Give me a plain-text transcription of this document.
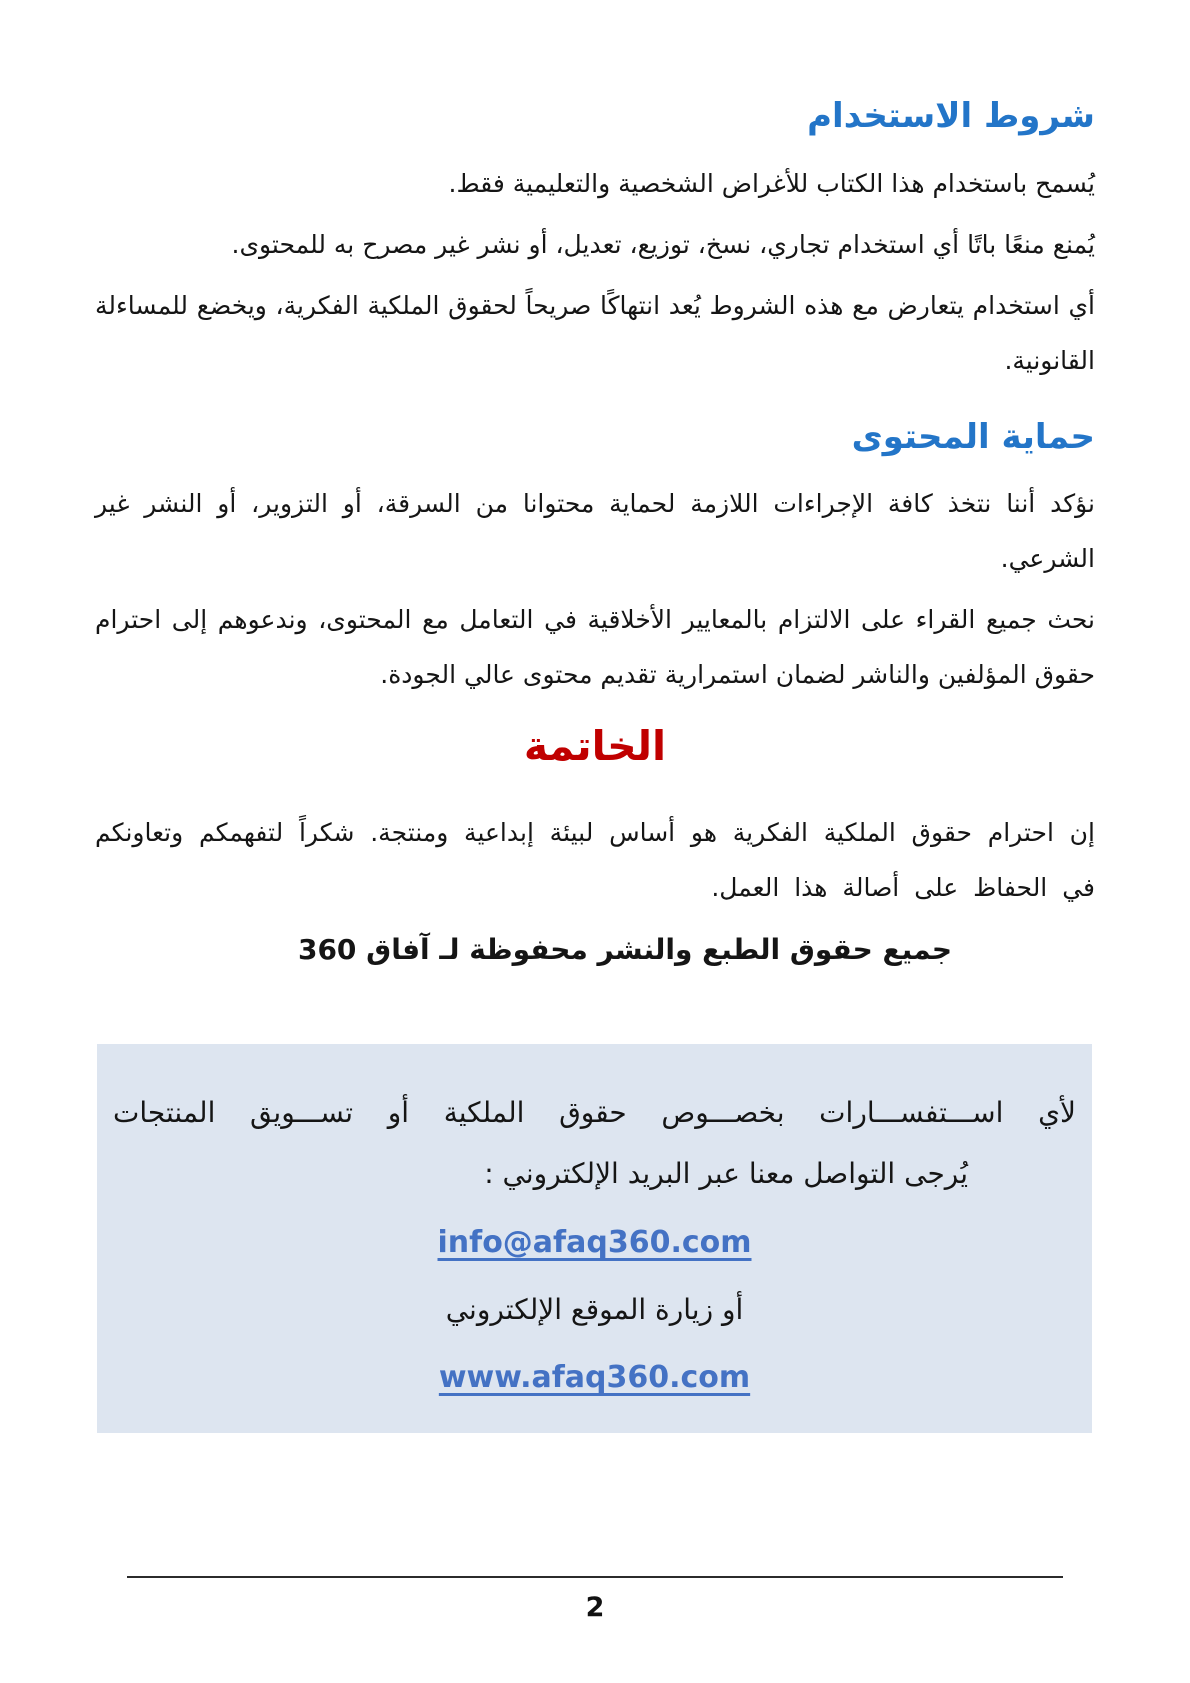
شروط الاستخدام

يُسمح باستخدام هذا الكتاب للأغراض الشخصية والتعليمية فقط.

يُمنع منعًا باتًا أي استخدام تجاري، نسخ، توزيع، تعديل، أو نشر غير مصرح به للمحتوى.

أي استخدام يتعارض مع هذه الشروط يُعد انتهاكًا صريحاً لحقوق الملكية الفكرية، ويخضع للمساءلة القانونية.

حماية المحتوى

نؤكد أننا نتخذ كافة الإجراءات اللازمة لحماية محتوانا من السرقة، أو التزوير، أو النشر غير الشرعي.

نحث جميع القراء على الالتزام بالمعايير الأخلاقية في التعامل مع المحتوى، وندعوهم إلى احترام حقوق المؤلفين والناشر لضمان استمرارية تقديم محتوى عالي الجودة.

الخاتمة

إن احترام حقوق الملكية الفكرية هو أساس لبيئة إبداعية ومنتجة. شكراً لتفهمكم وتعاونكم في الحفاظ على أصالة هذا العمل.

جميع حقوق الطبع والنشر محفوظة لـ آفاق 360

لأي اســـتفســـارات بخصـــوص حقوق الملكية أو تســـويق المنتجات

يُرجى التواصل معنا عبر البريد الإلكتروني :

info@afaq360.com

أو زيارة الموقع الإلكتروني

www.afaq360.com
2
